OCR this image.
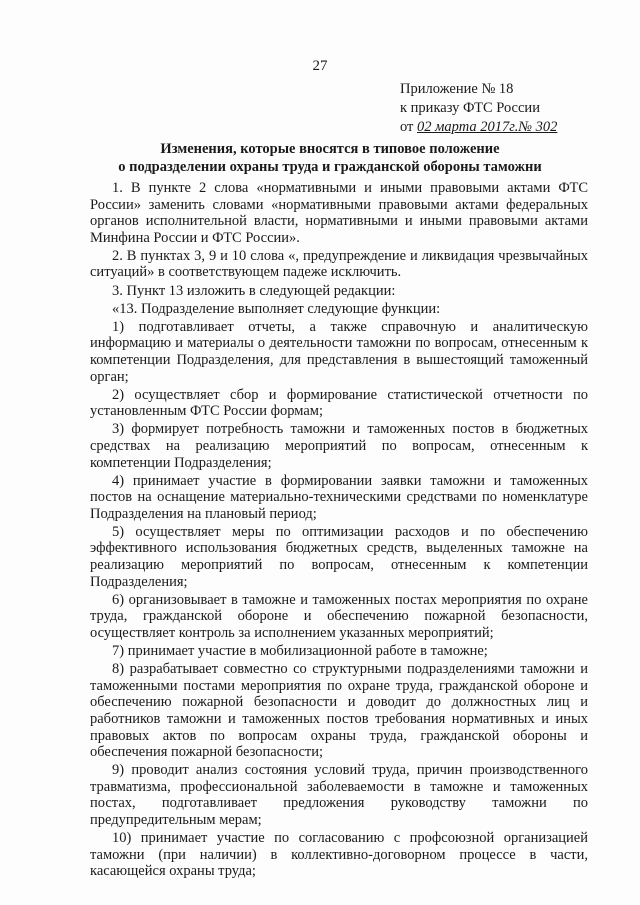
27
Приложение № 18
к приказу ФТС России
от 02 марта 2017г.№ 302
Изменения, которые вносятся в типовое положение
о подразделении охраны труда и гражданской обороны таможни

1. В пункте 2 слова «нормативными и иными правовыми актами ФТС России» заменить словами «нормативными правовыми актами федеральных органов исполнительной власти, нормативными и иными правовыми актами Минфина России и ФТС России».

2. В пунктах 3, 9 и 10 слова «, предупреждение и ликвидация чрезвычайных ситуаций» в соответствующем падеже исключить.

3. Пункт 13 изложить в следующей редакции:

«13. Подразделение выполняет следующие функции:

1) подготавливает отчеты, а также справочную и аналитическую информацию и материалы о деятельности таможни по вопросам, отнесенным к компетенции Подразделения, для представления в вышестоящий таможенный орган;

2) осуществляет сбор и формирование статистической отчетности по установленным ФТС России формам;

3) формирует потребность таможни и таможенных постов в бюджетных средствах на реализацию мероприятий по вопросам, отнесенным к компетенции Подразделения;

4) принимает участие в формировании заявки таможни и таможенных постов на оснащение материально-техническими средствами по номенклатуре Подразделения на плановый период;

5) осуществляет меры по оптимизации расходов и по обеспечению эффективного использования бюджетных средств, выделенных таможне на реализацию мероприятий по вопросам, отнесенным к компетенции Подразделения;

6) организовывает в таможне и таможенных постах мероприятия по охране труда, гражданской обороне и обеспечению пожарной безопасности, осуществляет контроль за исполнением указанных мероприятий;

7) принимает участие в мобилизационной работе в таможне;

8) разрабатывает совместно со структурными подразделениями таможни и таможенными постами мероприятия по охране труда, гражданской обороне и обеспечению пожарной безопасности и доводит до должностных лиц и работников таможни и таможенных постов требования нормативных и иных правовых актов по вопросам охраны труда, гражданской обороны и обеспечения пожарной безопасности;

9) проводит анализ состояния условий труда, причин производственного травматизма, профессиональной заболеваемости в таможне и таможенных постах, подготавливает предложения руководству таможни по предупредительным мерам;

10) принимает участие по согласованию с профсоюзной организацией таможни (при наличии) в коллективно-договорном процессе в части, касающейся охраны труда;
